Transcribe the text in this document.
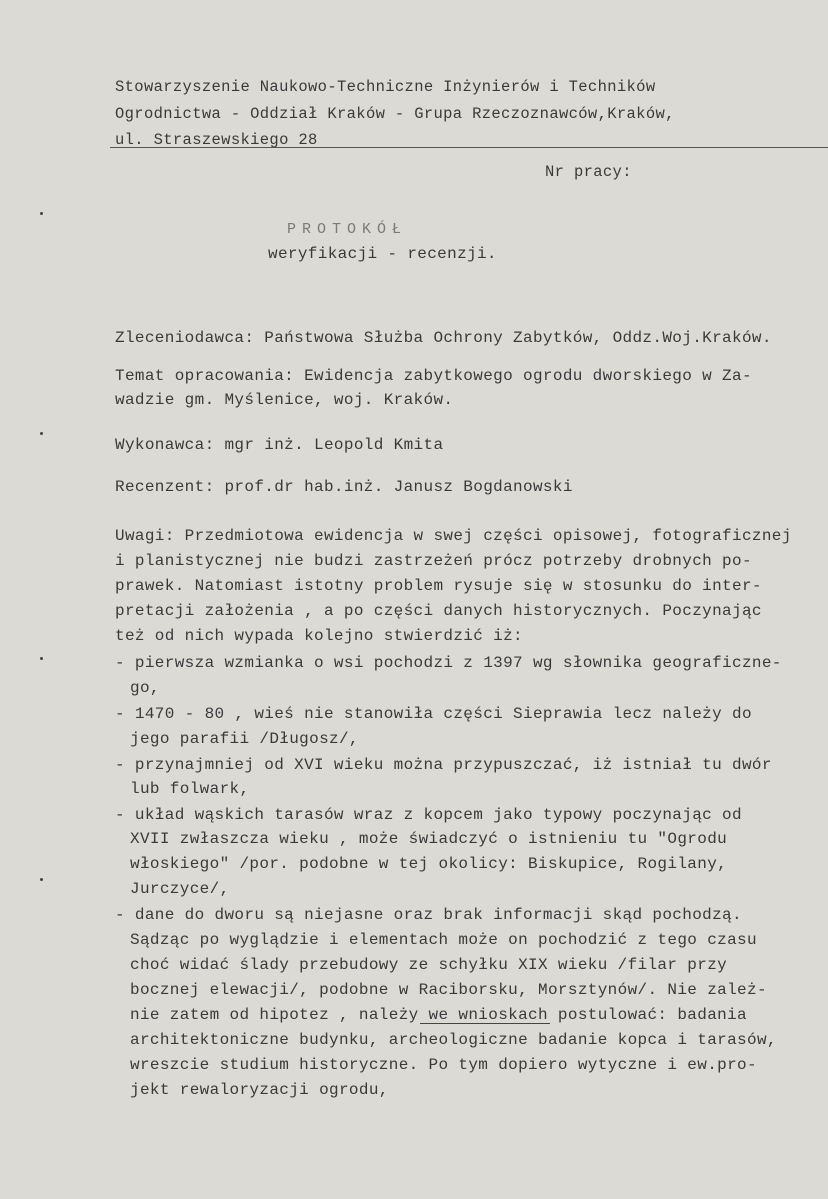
Stowarzyszenie Naukowo-Techniczne Inżynierów i Techników
Ogrodnictwa - Oddział Kraków - Grupa Rzeczoznawców,Kraków,
ul. Straszewskiego 28
Nr pracy:
PROTOKÓŁ
weryfikacji - recenzji.
Zleceniodawca: Państwowa Służba Ochrony Zabytków, Oddz.Woj.Kraków.
Temat opracowania: Ewidencja zabytkowego ogrodu dworskiego w Za-
wadzie gm. Myślenice, woj. Kraków.
Wykonawca: mgr inż. Leopold Kmita
Recenzent: prof.dr hab.inż. Janusz Bogdanowski
Uwagi: Przedmiotowa ewidencja w swej części opisowej, fotograficznej
i planistycznej nie budzi zastrzeżeń prócz potrzeby drobnych po-
prawek. Natomiast istotny problem rysuje się w stosunku do inter-
pretacji założenia , a po części danych historycznych. Poczynając
też od nich wypada kolejno stwierdzić iż:
- pierwsza wzmianka o wsi pochodzi z 1397 wg słownika geograficzne-
go,
- 1470 - 80 , wieś nie stanowiła części Sieprawia lecz należy do
jego parafii /Długosz/,
- przynajmniej od XVI wieku można przypuszczać, iż istniał tu dwór
lub folwark,
- układ wąskich tarasów wraz z kopcem jako typowy poczynając od
XVII zwłaszcza wieku , może świadczyć o istnieniu tu "Ogrodu
włoskiego" /por. podobne w tej okolicy: Biskupice, Rogilany,
Jurczyce/,
- dane do dworu są niejasne oraz brak informacji skąd pochodzą.
Sądząc po wyglądzie i elementach może on pochodzić z tego czasu
choć widać ślady przebudowy ze schyłku XIX wieku /filar przy
bocznej elewacji/, podobne w Raciborsku, Morsztynów/. Nie zależ-
nie zatem od hipotez , należy we wnioskach postulować: badania
architektoniczne budynku, archeologiczne badanie kopca i tarasów,
wreszcie studium historyczne. Po tym dopiero wytyczne i ew.pro-
jekt rewaloryzacji ogrodu,
